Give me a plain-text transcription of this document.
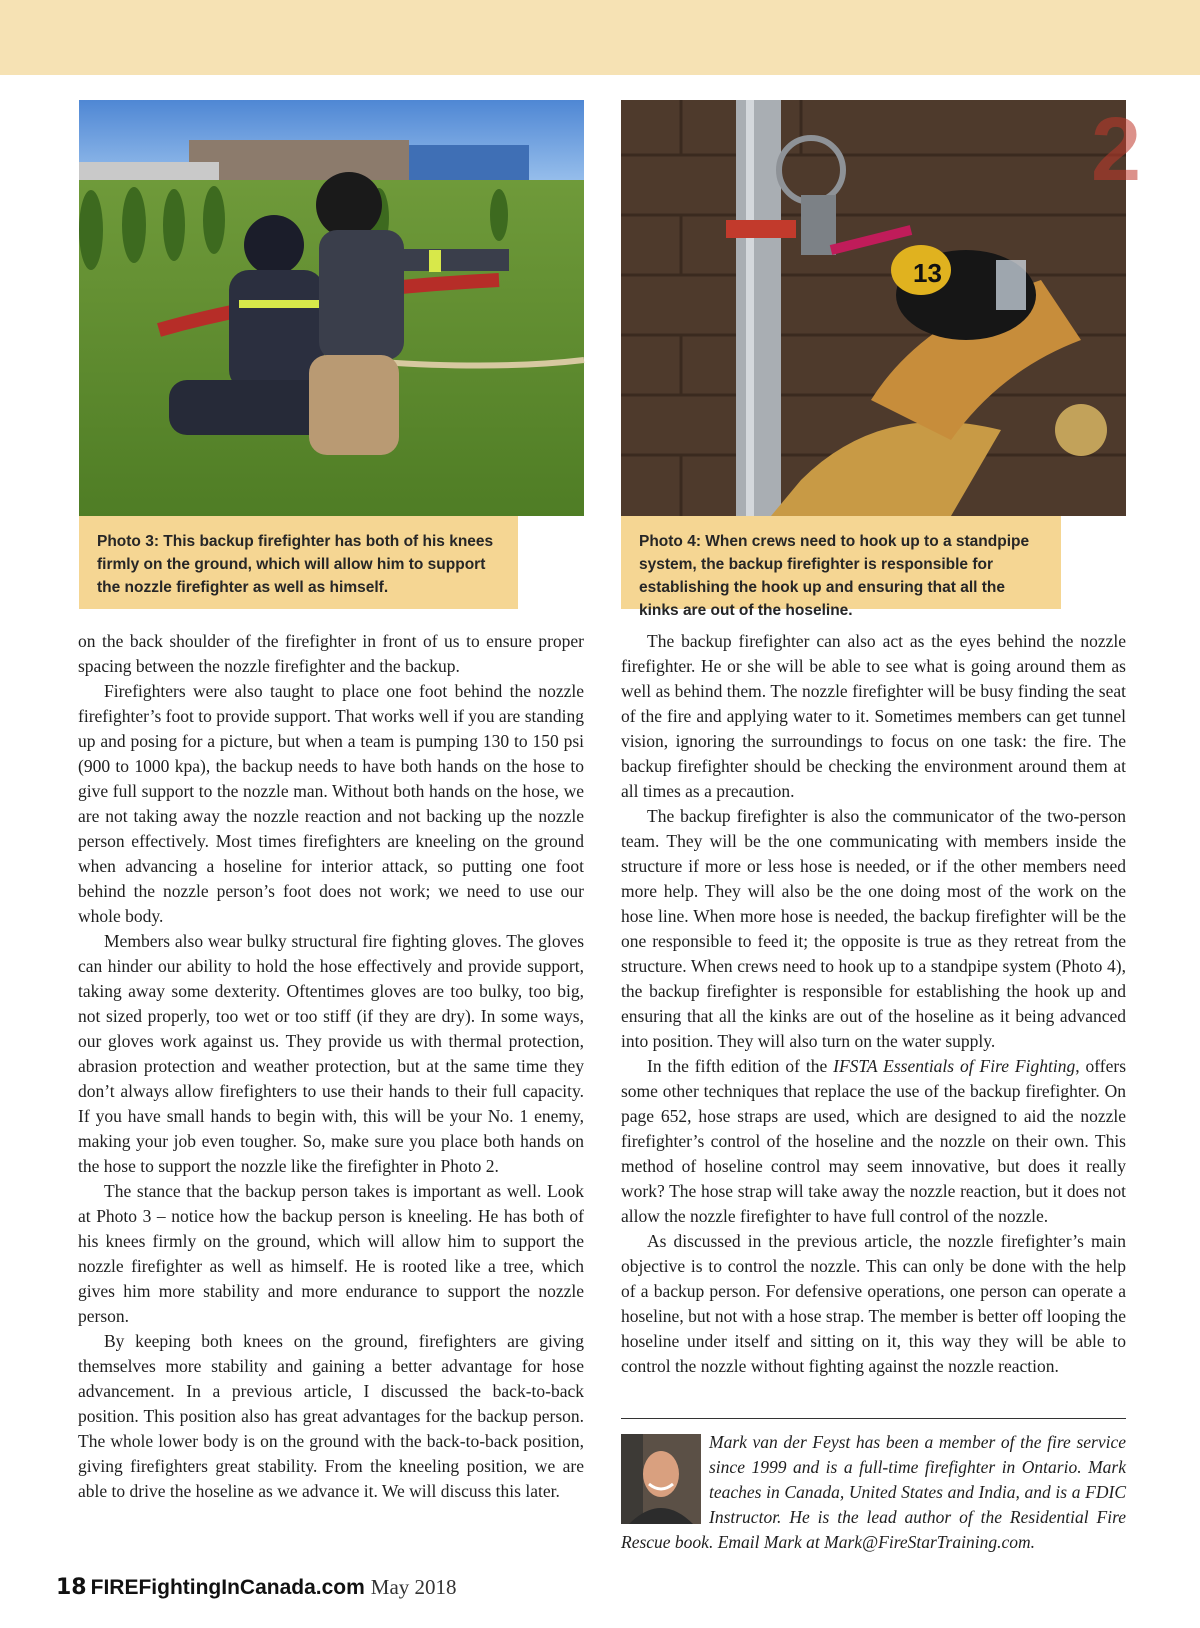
2
13
Photo 3: This backup firefighter has both of his knees firmly on the ground, which will allow him to support the nozzle firefighter as well as himself.
Photo 4: When crews need to hook up to a standpipe system, the backup firefighter is responsible for establishing the hook up and ensuring that all the kinks are out of the hoseline.

on the back shoulder of the firefighter in front of us to ensure proper spacing between the nozzle firefighter and the backup.

Firefighters were also taught to place one foot behind the nozzle firefighter’s foot to provide support. That works well if you are standing up and posing for a picture, but when a team is pumping 130 to 150 psi (900 to 1000 kpa), the backup needs to have both hands on the hose to give full support to the nozzle man. Without both hands on the hose, we are not taking away the nozzle reaction and not backing up the nozzle person effectively. Most times firefighters are kneeling on the ground when advancing a hoseline for interior attack, so putting one foot behind the nozzle person’s foot does not work; we need to use our whole body.

Members also wear bulky structural fire fighting gloves. The gloves can hinder our ability to hold the hose effectively and provide support, taking away some dexterity. Oftentimes gloves are too bulky, too big, not sized properly, too wet or too stiff (if they are dry). In some ways, our gloves work against us. They provide us with thermal protection, abrasion protection and weather protection, but at the same time they don’t always allow firefighters to use their hands to their full capacity. If you have small hands to begin with, this will be your No. 1 enemy, making your job even tougher. So, make sure you place both hands on the hose to support the nozzle like the firefighter in Photo 2.

The stance that the backup person takes is important as well. Look at Photo 3 – notice how the backup person is kneeling. He has both of his knees firmly on the ground, which will allow him to support the nozzle firefighter as well as himself. He is rooted like a tree, which gives him more stability and more endurance to support the nozzle person.

By keeping both knees on the ground, firefighters are giving themselves more stability and gaining a better advantage for hose advancement. In a previous article, I discussed the back-to-back position. This position also has great advantages for the backup person. The whole lower body is on the ground with the back-to-back position, giving firefighters great stability. From the kneeling position, we are able to drive the hoseline as we advance it. We will discuss this later.

The backup firefighter can also act as the eyes behind the nozzle firefighter. He or she will be able to see what is going around them as well as behind them. The nozzle firefighter will be busy finding the seat of the fire and applying water to it. Sometimes members can get tunnel vision, ignoring the surroundings to focus on one task: the fire. The backup firefighter should be checking the environment around them at all times as a precaution.

The backup firefighter is also the communicator of the two-person team. They will be the one communicating with members inside the structure if more or less hose is needed, or if the other members need more help. They will also be the one doing most of the work on the hose line. When more hose is needed, the backup firefighter will be the one responsible to feed it; the opposite is true as they retreat from the structure. When crews need to hook up to a standpipe system (Photo 4), the backup firefighter is responsible for establishing the hook up and ensuring that all the kinks are out of the hoseline as it being advanced into position. They will also turn on the water supply.

In the fifth edition of the IFSTA Essentials of Fire Fighting, offers some other techniques that replace the use of the backup firefighter. On page 652, hose straps are used, which are designed to aid the nozzle firefighter’s control of the hoseline and the nozzle on their own. This method of hoseline control may seem innovative, but does it really work? The hose strap will take away the nozzle reaction, but it does not allow the nozzle firefighter to have full control of the nozzle.

As discussed in the previous article, the nozzle firefighter’s main objective is to control the nozzle. This can only be done with the help of a backup person. For defensive operations, one person can operate a hoseline, but not with a hose strap. The member is better off looping the hoseline under itself and sitting on it, this way they will be able to control the nozzle without fighting against the nozzle reaction.

Mark van der Feyst has been a member of the fire service since 1999 and is a full-time firefighter in Ontario. Mark teaches in Canada, United States and India, and is a FDIC Instructor. He is the lead author of the Residential Fire Rescue book. Email Mark at Mark@FireStarTraining.com.

18 FIREFightingInCanada.com May 2018
